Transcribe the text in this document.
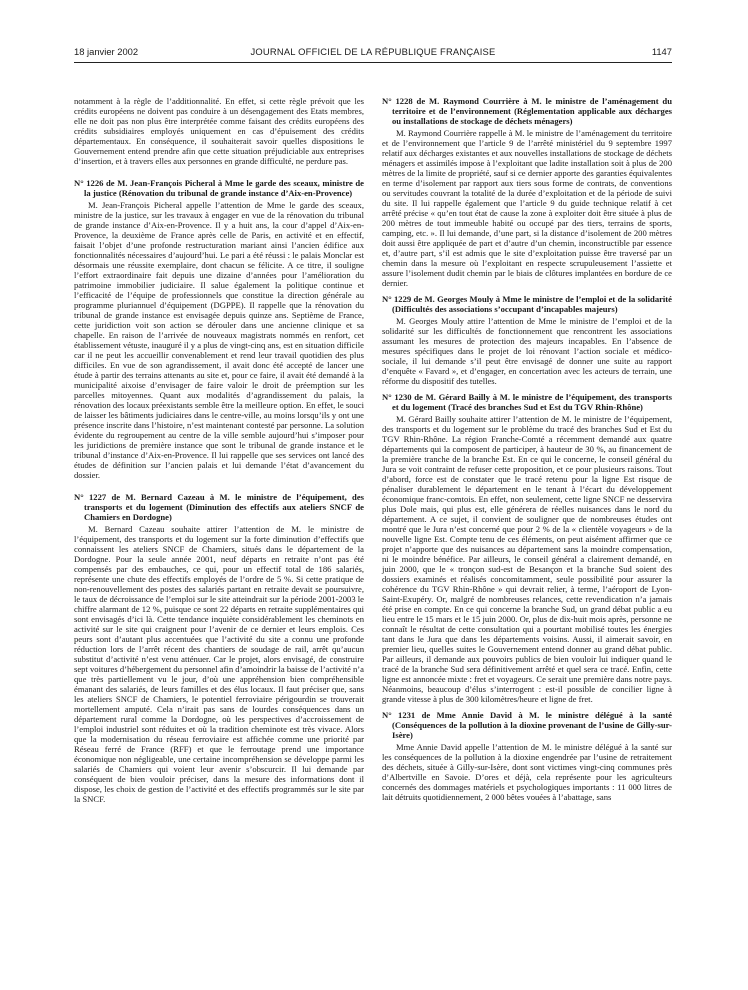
18 janvier 2002	JOURNAL OFFICIEL DE LA RÉPUBLIQUE FRANÇAISE	1147

notamment à la règle de l’additionnalité. En effet, si cette règle prévoit que les crédits européens ne doivent pas conduire à un désengagement des Etats membres, elle ne doit pas non plus être interprétée comme faisant des crédits européens des crédits subsidiaires employés uniquement en cas d’épuisement des crédits départementaux. En conséquence, il souhaiterait savoir quelles dispositions le Gouvernement entend prendre afin que cette situation préjudiciable aux entreprises d’insertion, et à travers elles aux personnes en grande difficulté, ne perdure pas.

N° 1226 de M. Jean-François Picheral à Mme le garde des sceaux, ministre de la justice (Rénovation du tribunal de grande instance d’Aix-en-Provence)

M. Jean-François Picheral appelle l’attention de Mme le garde des sceaux, ministre de la justice, sur les travaux à engager en vue de la rénovation du tribunal de grande instance d’Aix-en-Provence. Il y a huit ans, la cour d’appel d’Aix-en-Provence, la deuxième de France après celle de Paris, en activité et en effectif, faisait l’objet d’une profonde restructuration mariant ainsi l’ancien édifice aux fonctionnalités nécessaires d’aujourd’hui. Le pari a été réussi : le palais Monclar est désormais une réussite exemplaire, dont chacun se félicite. A ce titre, il souligne l’effort extraordinaire fait depuis une dizaine d’années pour l’amélioration du patrimoine immobilier judiciaire. Il salue également la politique continue et l’efficacité de l’équipe de professionnels que constitue la direction générale au programme pluriannuel d’équipement (DGPPE). Il rappelle que la rénovation du tribunal de grande instance est envisagée depuis quinze ans. Septième de France, cette juridiction voit son action se dérouler dans une ancienne clinique et sa chapelle. En raison de l’arrivée de nouveaux magistrats nommés en renfort, cet établissement vétuste, inauguré il y a plus de vingt-cinq ans, est en situation difficile car il ne peut les accueillir convenablement et rend leur travail quotidien des plus difficiles. En vue de son agrandissement, il avait donc été accepté de lancer une étude à partir des terrains attenants au site et, pour ce faire, il avait été demandé à la municipalité aixoise d’envisager de faire valoir le droit de préemption sur les parcelles mitoyennes. Quant aux modalités d’agrandissement du palais, la rénovation des locaux préexistants semble être la meilleure option. En effet, le souci de laisser les bâtiments judiciaires dans le centre-ville, au moins lorsqu’ils y ont une présence inscrite dans l’histoire, n’est maintenant contesté par personne. La solution évidente du regroupement au centre de la ville semble aujourd’hui s’imposer pour les juridictions de première instance que sont le tribunal de grande instance et le tribunal d’instance d’Aix-en-Provence. Il lui rappelle que ses services ont lancé des études de définition sur l’ancien palais et lui demande l’état d’avancement du dossier.

N° 1227 de M. Bernard Cazeau à M. le ministre de l’équipement, des transports et du logement (Diminution des effectifs aux ateliers SNCF de Chamiers en Dordogne)

M. Bernard Cazeau souhaite attirer l’attention de M. le ministre de l’équipement, des transports et du logement sur la forte diminution d’effectifs que connaissent les ateliers SNCF de Chamiers, situés dans le département de la Dordogne. Pour la seule année 2001, neuf départs en retraite n’ont pas été compensés par des embauches, ce qui, pour un effectif total de 186 salariés, représente une chute des effectifs employés de l’ordre de 5 %. Si cette pratique de non-renouvellement des postes des salariés partant en retraite devait se poursuivre, le taux de décroissance de l’emploi sur le site atteindrait sur la période 2001-2003 le chiffre alarmant de 12 %, puisque ce sont 22 départs en retraite supplémentaires qui sont envisagés d’ici là. Cette tendance inquiète considérablement les cheminots en activité sur le site qui craignent pour l’avenir de ce dernier et leurs emplois. Ces peurs sont d’autant plus accentuées que l’activité du site a connu une profonde réduction lors de l’arrêt récent des chantiers de soudage de rail, arrêt qu’aucun substitut d’activité n’est venu atténuer. Car le projet, alors envisagé, de construire sept voitures d’hébergement du personnel afin d’amoindrir la baisse de l’activité n’a que très partiellement vu le jour, d’où une appréhension bien compréhensible émanant des salariés, de leurs familles et des élus locaux. Il faut préciser que, sans les ateliers SNCF de Chamiers, le potentiel ferroviaire périgourdin se trouverait mortellement amputé. Cela n’irait pas sans de lourdes conséquences dans un département rural comme la Dordogne, où les perspectives d’accroissement de l’emploi industriel sont réduites et où la tradition cheminote est très vivace. Alors que la modernisation du réseau ferroviaire est affichée comme une priorité par Réseau ferré de France (RFF) et que le ferroutage prend une importance économique non négligeable, une certaine incompréhension se développe parmi les salariés de Chamiers qui voient leur avenir s’obscurcir. Il lui demande par conséquent de bien vouloir préciser, dans la mesure des informations dont il dispose, les choix de gestion de l’activité et des effectifs programmés sur le site par la SNCF.

N° 1228 de M. Raymond Courrière à M. le ministre de l’aménagement du territoire et de l’environnement (Réglementation applicable aux décharges ou installations de stockage de déchets ménagers)

M. Raymond Courrière rappelle à M. le ministre de l’aménagement du territoire et de l’environnement que l’article 9 de l’arrêté ministériel du 9 septembre 1997 relatif aux décharges existantes et aux nouvelles installations de stockage de déchets ménagers et assimilés impose à l’exploitant que ladite installation soit à plus de 200 mètres de la limite de propriété, sauf si ce dernier apporte des garanties équivalentes en terme d’isolement par rapport aux tiers sous forme de contrats, de conventions ou servitudes couvrant la totalité de la durée d’exploitation et de la période de suivi du site. Il lui rappelle également que l’article 9 du guide technique relatif à cet arrêté précise « qu’en tout état de cause la zone à exploiter doit être située à plus de 200 mètres de tout immeuble habité ou occupé par des tiers, terrains de sports, camping, etc. ». Il lui demande, d’une part, si la distance d’isolement de 200 mètres doit aussi être appliquée de part et d’autre d’un chemin, inconstructible par essence et, d’autre part, s’il est admis que le site d’exploitation puisse être traversé par un chemin dans la mesure où l’exploitant en respecte scrupuleusement l’assiette et assure l’isolement dudit chemin par le biais de clôtures implantées en bordure de ce dernier.

N° 1229 de M. Georges Mouly à Mme le ministre de l’emploi et de la solidarité (Difficultés des associations s’occupant d’incapables majeurs)

M. Georges Mouly attire l’attention de Mme le ministre de l’emploi et de la solidarité sur les difficultés de fonctionnement que rencontrent les associations assumant les mesures de protection des majeurs incapables. En l’absence de mesures spécifiques dans le projet de loi rénovant l’action sociale et médico-sociale, il lui demande s’il peut être envisagé de donner une suite au rapport d’enquête « Favard », et d’engager, en concertation avec les acteurs de terrain, une réforme du dispositif des tutelles.

N° 1230 de M. Gérard Bailly à M. le ministre de l’équipement, des transports et du logement (Tracé des branches Sud et Est du TGV Rhin-Rhône)

M. Gérard Bailly souhaite attirer l’attention de M. le ministre de l’équipement, des transports et du logement sur le problème du tracé des branches Sud et Est du TGV Rhin-Rhône. La région Franche-Comté a récemment demandé aux quatre départements qui la composent de participer, à hauteur de 30 %, au financement de la première tranche de la branche Est. En ce qui le concerne, le conseil général du Jura se voit contraint de refuser cette proposition, et ce pour plusieurs raisons. Tout d’abord, force est de constater que le tracé retenu pour la ligne Est risque de pénaliser durablement le département en le tenant à l’écart du développement économique franc-comtois. En effet, non seulement, cette ligne SNCF ne desservira plus Dole mais, qui plus est, elle générera de réelles nuisances dans le nord du département. A ce sujet, il convient de souligner que de nombreuses études ont montré que le Jura n’est concerné que pour 2 % de la « clientèle voyageurs » de la nouvelle ligne Est. Compte tenu de ces éléments, on peut aisément affirmer que ce projet n’apporte que des nuisances au département sans la moindre compensation, ni le moindre bénéfice. Par ailleurs, le conseil général a clairement demandé, en juin 2000, que le « tronçon sud-est de Besançon et la branche Sud soient des dossiers examinés et réalisés concomitamment, seule possibilité pour assurer la cohérence du TGV Rhin-Rhône » qui devrait relier, à terme, l’aéroport de Lyon-Saint-Exupéry. Or, malgré de nombreuses relances, cette revendication n’a jamais été prise en compte. En ce qui concerne la branche Sud, un grand débat public a eu lieu entre le 15 mars et le 15 juin 2000. Or, plus de dix-huit mois après, personne ne connaît le résultat de cette consultation qui a pourtant mobilisé toutes les énergies tant dans le Jura que dans les départements voisins. Aussi, il aimerait savoir, en premier lieu, quelles suites le Gouvernement entend donner au grand débat public. Par ailleurs, il demande aux pouvoirs publics de bien vouloir lui indiquer quand le tracé de la branche Sud sera définitivement arrêté et quel sera ce tracé. Enfin, cette ligne est annoncée mixte : fret et voyageurs. Ce serait une première dans notre pays. Néanmoins, beaucoup d’élus s’interrogent : est-il possible de concilier ligne à grande vitesse à plus de 300 kilomètres/heure et ligne de fret.

N° 1231 de Mme Annie David à M. le ministre délégué à la santé (Conséquences de la pollution à la dioxine provenant de l’usine de Gilly-sur-Isère)

Mme Annie David appelle l’attention de M. le ministre délégué à la santé sur les conséquences de la pollution à la dioxine engendrée par l’usine de retraitement des déchets, située à Gilly-sur-Isère, dont sont victimes vingt-cinq communes près d’Albertville en Savoie. D’ores et déjà, cela représente pour les agriculteurs concernés des dommages matériels et psychologiques importants : 11 000 litres de lait détruits quotidiennement, 2 000 bêtes vouées à l’abattage, sans
